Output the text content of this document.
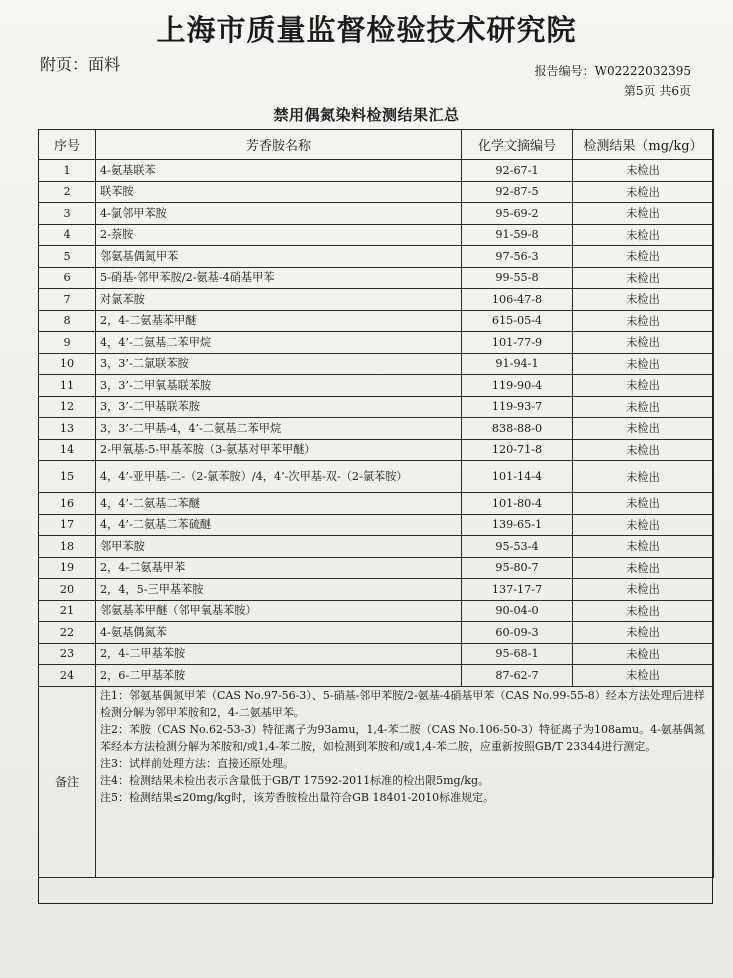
上海市质量监督检验技术研究院
附页：面料	报告编号：W02222032395
第5页 共6页
禁用偶氮染料检测结果汇总
序号	芳香胺名称	化学文摘编号	检测结果（mg/kg）
1	4-氨基联苯	92-67-1	未检出
2	联苯胺	92-87-5	未检出
3	4-氯邻甲苯胺	95-69-2	未检出
4	2-萘胺	91-59-8	未检出
5	邻氨基偶氮甲苯	97-56-3	未检出
6	5-硝基-邻甲苯胺/2-氨基-4硝基甲苯	99-55-8	未检出
7	对氯苯胺	106-47-8	未检出
8	2，4-二氨基苯甲醚	615-05-4	未检出
9	4，4’-二氨基二苯甲烷	101-77-9	未检出
10	3，3’-二氯联苯胺	91-94-1	未检出
11	3，3’-二甲氧基联苯胺	119-90-4	未检出
12	3，3’-二甲基联苯胺	119-93-7	未检出
13	3，3’-二甲基-4，4’-二氨基二苯甲烷	838-88-0	未检出
14	2-甲氧基-5-甲基苯胺（3-氨基对甲苯甲醚）	120-71-8	未检出
15	4，4’-亚甲基-二-（2-氯苯胺）/4，4’-次甲基-双-（2-氯苯胺）	101-14-4	未检出
16	4，4’-二氨基二苯醚	101-80-4	未检出
17	4，4’-二氨基二苯硫醚	139-65-1	未检出
18	邻甲苯胺	95-53-4	未检出
19	2，4-二氨基甲苯	95-80-7	未检出
20	2，4，5-三甲基苯胺	137-17-7	未检出
21	邻氨基苯甲醚（邻甲氧基苯胺）	90-04-0	未检出
22	4-氨基偶氮苯	60-09-3	未检出
23	2，4-二甲基苯胺	95-68-1	未检出
24	2，6-二甲基苯胺	87-62-7	未检出
备注	注1：邻氨基偶氮甲苯（CAS No.97-56-3）、5-硝基-邻甲苯胺/2-氨基-4硝基甲苯（CAS No.99-55-8）经本方法处理后进样检测分解为邻甲苯胺和2，4-二氨基甲苯。

注2：苯胺（CAS No.62-53-3）特征离子为93amu，1,4-苯二胺（CAS No.106-50-3）特征离子为108amu。4-氨基偶氮苯经本方法检测分解为苯胺和/或1,4-苯二胺，如检测到苯胺和/或1,4-苯二胺，应重新按照GB/T 23344进行测定。

注3：试样前处理方法：直接还原处理。

注4：检测结果未检出表示含量低于GB/T 17592-2011标准的检出限5mg/kg。

注5：检测结果≤20mg/kg时，该芳香胺检出量符合GB 18401-2010标准规定。		
